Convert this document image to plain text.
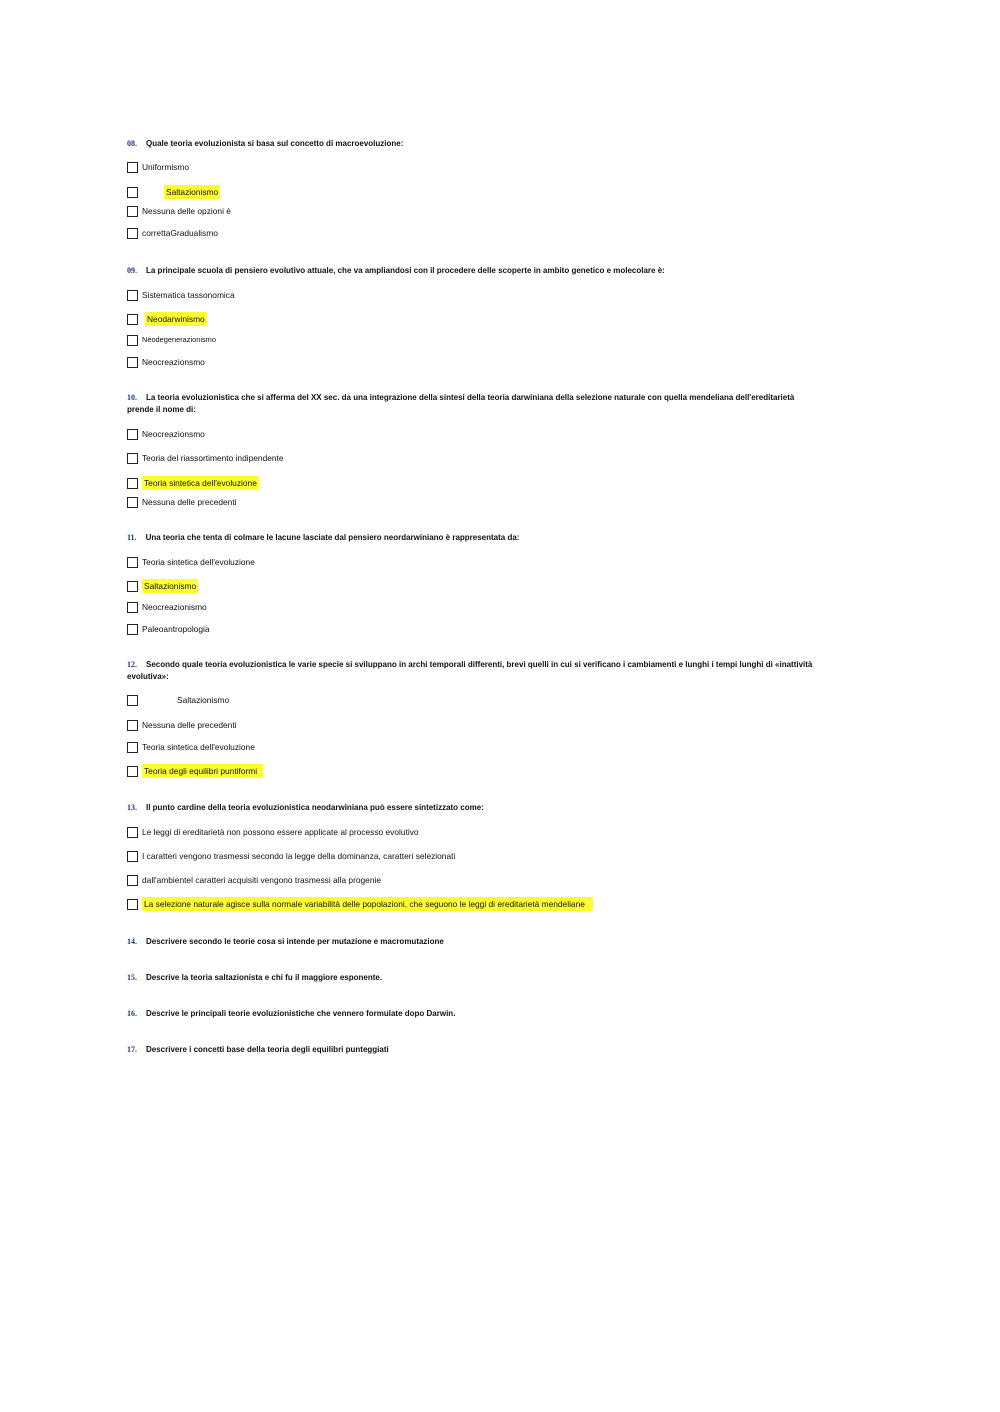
08. Quale teoria evoluzionista si basa sul concetto di macroevoluzione:
Uniformismo
Saltazionismo
Nessuna delle opzioni è
correttaGradualismo
09. La principale scuola di pensiero evolutivo attuale, che va ampliandosi con il procedere delle scoperte in ambito genetico e molecolare è:
Sistematica tassonomica
Neodarwinismo
Neodegenerazionismo
Neocreazionsmo
10. La teoria evoluzionistica che si afferma del XX sec. da una integrazione della sintesi della teoria darwiniana della selezione naturale con quella mendeliana dell'ereditarietà prende il nome di:
Neocreazionsmo
Teoria del riassortimento indipendente
Teoria sintetica dell'evoluzione
Nessuna delle precedenti
11. Una teoria che tenta di colmare le lacune lasciate dal pensiero neordarwiniano è rappresentata da:
Teoria sintetica dell'evoluzione
Saltazionismo
Neocreazionismo
Paleoantropologia
12. Secondo quale teoria evoluzionistica le varie specie si sviluppano in archi temporali differenti, brevi quelli in cui si verificano i cambiamenti e lunghi i tempi lunghi di «inattività evolutiva»:
Saltazionismo
Nessuna delle precedenti
Teoria sintetica dell'evoluzione
Teoria degli equilibri puntiformi
13. Il punto cardine della teoria evoluzionistica neodarwiniana può essere sintetizzato come:
Le leggi di ereditarietà non possono essere applicate al processo evolutivo
I caratteri vengono trasmessi secondo la legge della dominanza, caratteri selezionati
dall'ambientel caratteri acquisiti vengono trasmessi alla progenie
La selezione naturale agisce sulla normale variabilità delle popolazioni, che seguono le leggi di ereditarietà mendeliane
14. Descrivere secondo le teorie cosa si intende per mutazione e macromutazione
15. Descrive la teoria saltazionista e chi fu il maggiore esponente.
16. Descrive le principali teorie evoluzionistiche che vennero formulate dopo Darwin.
17. Descrivere i concetti base della teoria degli equilibri punteggiati
